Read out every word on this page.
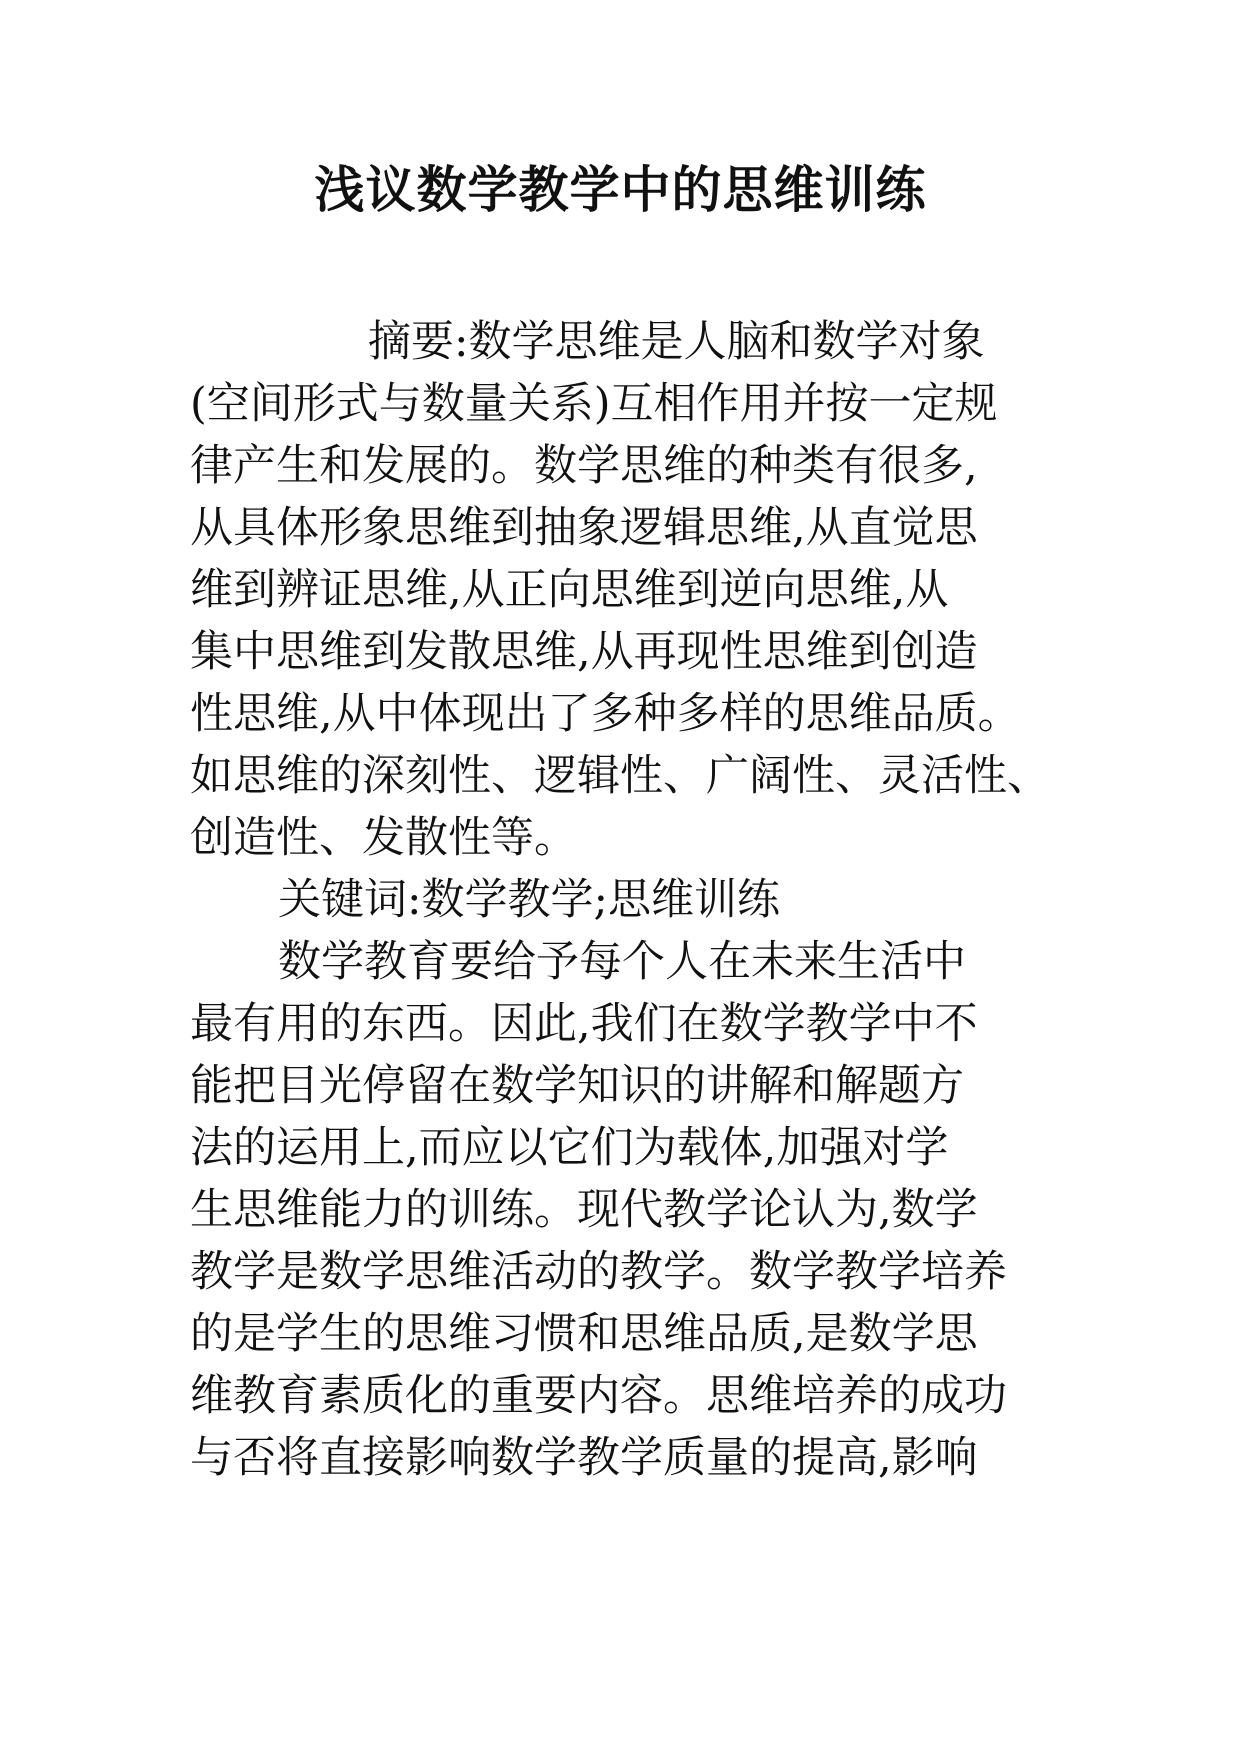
浅议数学教学中的思维训练
摘要:数学思维是人脑和数学对象
(空间形式与数量关系)互相作用并按一定规
律产生和发展的。数学思维的种类有很多,
从具体形象思维到抽象逻辑思维,从直觉思
维到辨证思维,从正向思维到逆向思维,从
集中思维到发散思维,从再现性思维到创造
性思维,从中体现出了多种多样的思维品质。
如思维的深刻性、逻辑性、广阔性、灵活性、
创造性、发散性等。
关键词:数学教学;思维训练
数学教育要给予每个人在未来生活中
最有用的东西。因此,我们在数学教学中不
能把目光停留在数学知识的讲解和解题方
法的运用上,而应以它们为载体,加强对学
生思维能力的训练。现代教学论认为,数学
教学是数学思维活动的教学。数学教学培养
的是学生的思维习惯和思维品质,是数学思
维教育素质化的重要内容。思维培养的成功
与否将直接影响数学教学质量的提高,影响
